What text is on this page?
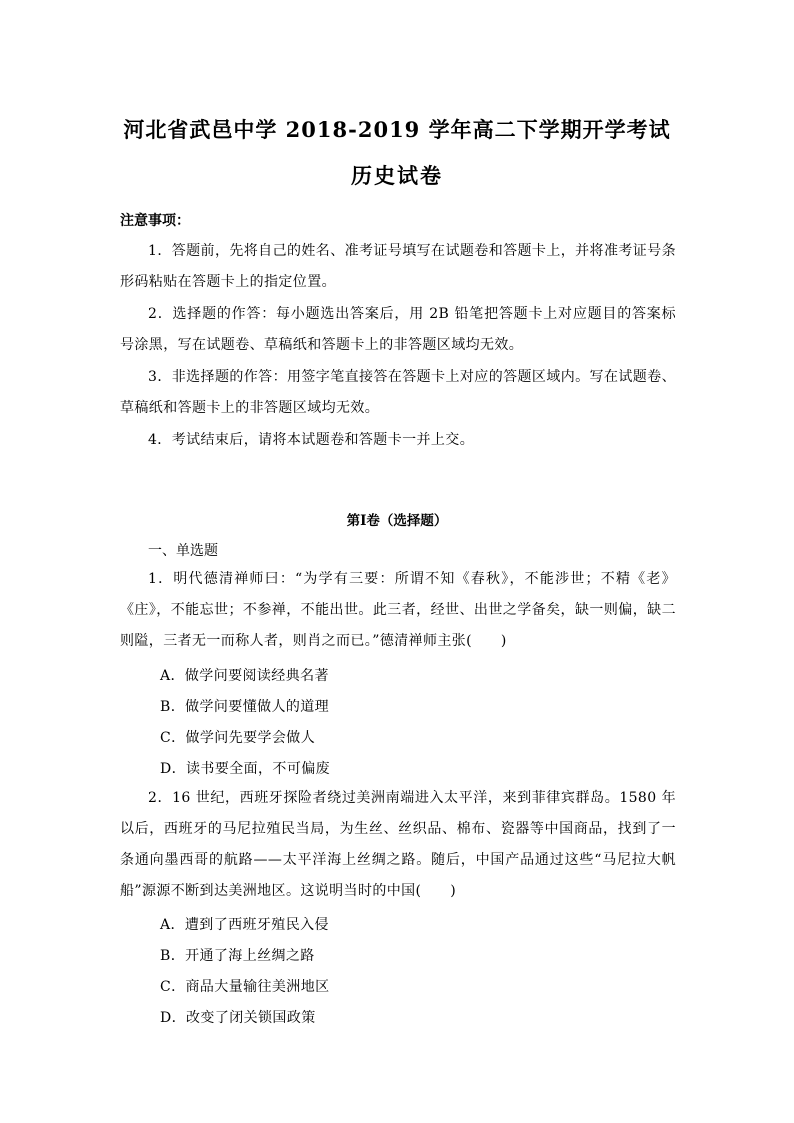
河北省武邑中学 2018-2019 学年高二下学期开学考试
历史试卷
注意事项：
1．答题前，先将自己的姓名、准考证号填写在试题卷和答题卡上，并将准考证号条形码粘贴在答题卡上的指定位置。
2．选择题的作答：每小题选出答案后，用 2B 铅笔把答题卡上对应题目的答案标号涂黑，写在试题卷、草稿纸和答题卡上的非答题区域均无效。
3．非选择题的作答：用签字笔直接答在答题卡上对应的答题区域内。写在试题卷、草稿纸和答题卡上的非答题区域均无效。
4．考试结束后，请将本试题卷和答题卡一并上交。
第Ⅰ卷（选择题）
一、单选题
1．明代德清禅师曰：“为学有三要：所谓不知《春秋》，不能涉世；不精《老》《庄》，不能忘世；不参禅，不能出世。此三者，经世、出世之学备矣，缺一则偏，缺二则隘，三者无一而称人者，则肖之而已。”德清禅师主张(　　)
A．做学问要阅读经典名著
B．做学问要懂做人的道理
C．做学问先要学会做人
D．读书要全面，不可偏废
2．16 世纪，西班牙探险者绕过美洲南端进入太平洋，来到菲律宾群岛。1580 年以后，西班牙的马尼拉殖民当局，为生丝、丝织品、棉布、瓷器等中国商品，找到了一条通向墨西哥的航路——太平洋海上丝绸之路。随后，中国产品通过这些“马尼拉大帆船”源源不断到达美洲地区。这说明当时的中国(　　)
A．遭到了西班牙殖民入侵
B．开通了海上丝绸之路
C．商品大量输往美洲地区
D．改变了闭关锁国政策
